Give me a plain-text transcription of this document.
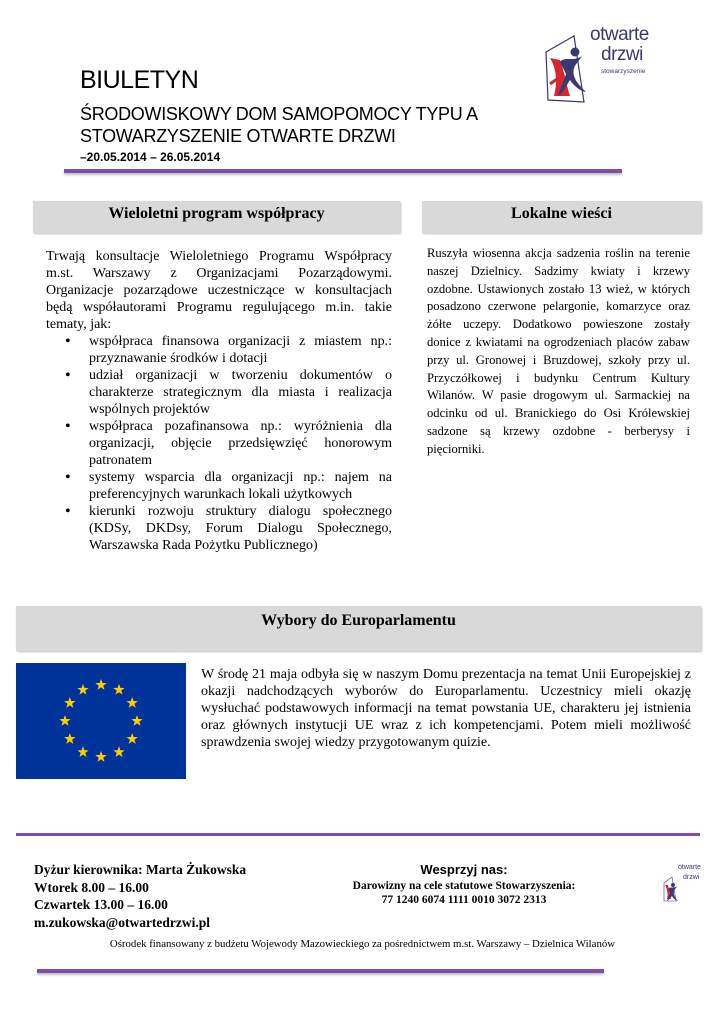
BIULETYN
ŚRODOWISKOWY DOM SAMOPOMOCY TYPU A
STOWARZYSZENIE OTWARTE DRZWI
–20.05.2014 – 26.05.2014
otwarte
drzwi
stowarzyszenie
Wieloletni program współpracy
Trwają konsultacje Wieloletniego Programu Współpracy m.st. Warszawy z Organizacjami Pozarządowymi. Organizacje pozarządowe uczestniczące w konsultacjach będą współautorami Programu regulującego m.in. takie tematy, jak:
• współpraca finansowa organizacji z miastem np.: przyznawanie środków i dotacji
• udział organizacji w tworzeniu dokumentów o charakterze strategicznym dla miasta i realizacja wspólnych projektów
• współpraca pozafinansowa np.: wyróżnienia dla organizacji, objęcie przedsięwzięć honorowym patronatem
• systemy wsparcia dla organizacji np.: najem na preferencyjnych warunkach lokali użytkowych
• kierunki rozwoju struktury dialogu społecznego (KDSy, DKDsy, Forum Dialogu Społecznego, Warszawska Rada Pożytku Publicznego)
Lokalne wieści
Ruszyła wiosenna akcja sadzenia roślin na terenie naszej Dzielnicy. Sadzimy kwiaty i krzewy ozdobne. Ustawionych zostało 13 wież, w których posadzono czerwone pelargonie, komarzyce oraz żółte uczepy. Dodatkowo powieszone zostały donice z kwiatami na ogrodzeniach placów zabaw przy ul. Gronowej i Bruzdowej, szkoły przy ul. Przyczółkowej i budynku Centrum Kultury Wilanów. W pasie drogowym ul. Sarmackiej na odcinku od ul. Branickiego do Osi Królewskiej sadzone są krzewy ozdobne - berberysy i pięciorniki.
Wybory do Europarlamentu
W środę 21 maja odbyła się w naszym Domu prezentacja na temat Unii Europejskiej z okazji nadchodzących wyborów do Europarlamentu. Uczestnicy mieli okazję wysłuchać podstawowych informacji na temat powstania UE, charakteru jej istnienia oraz głównych instytucji UE wraz z ich kompetencjami. Potem mieli możliwość sprawdzenia swojej wiedzy przygotowanym quizie.
Dyżur kierownika: Marta Żukowska
Wtorek 8.00 – 16.00
Czwartek 13.00 – 16.00
m.zukowska@otwartedrzwi.pl
Wesprzyj nas:
Darowizny na cele statutowe Stowarzyszenia:
77 1240 6074 1111 0010 3072 2313
otwarte
drzwi
Ośrodek finansowany z budżetu Wojewody Mazowieckiego za pośrednictwem m.st. Warszawy – Dzielnica Wilanów
